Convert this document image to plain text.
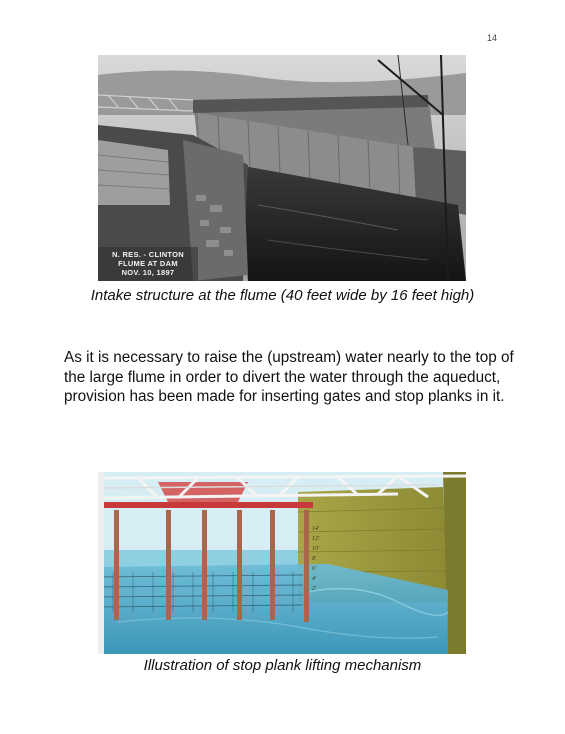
14
N. RES. - CLINTON
FLUME AT DAM
NOV. 10, 1897
Intake structure at the flume (40 feet wide by 16 feet high)

As it is necessary to raise the (upstream) water nearly to the top of the large flume in order to divert the water through the aqueduct, provision has been made for inserting gates and stop planks in it.

14'
12'
10'
8'
6'
4'
2'
Illustration of stop plank lifting mechanism
